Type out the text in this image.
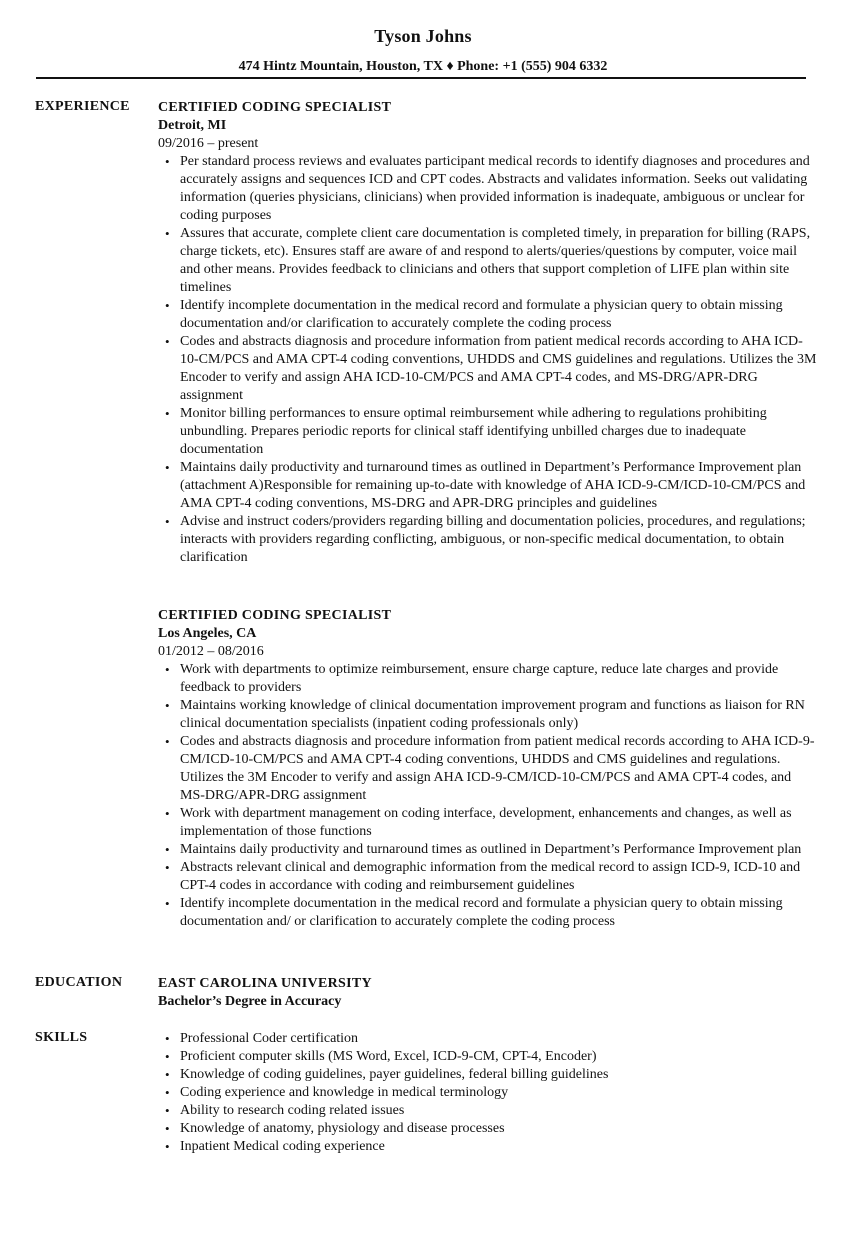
Tyson Johns
474 Hintz Mountain, Houston, TX ♦ Phone: +1 (555) 904 6332
EXPERIENCE CERTIFIED CODING SPECIALIST
Detroit, MI
09/2016 – present
• Per standard process reviews and evaluates participant medical records to identify diagnoses and procedures and accurately assigns and sequences ICD and CPT codes. Abstracts and validates information. Seeks out validating information (queries physicians, clinicians) when provided information is inadequate, ambiguous or unclear for coding purposes
• Assures that accurate, complete client care documentation is completed timely, in preparation for billing (RAPS, charge tickets, etc). Ensures staff are aware of and respond to alerts/queries/questions by computer, voice mail and other means. Provides feedback to clinicians and others that support completion of LIFE plan within site timelines
• Identify incomplete documentation in the medical record and formulate a physician query to obtain missing documentation and/or clarification to accurately complete the coding process
• Codes and abstracts diagnosis and procedure information from patient medical records according to AHA ICD-10-CM/PCS and AMA CPT-4 coding conventions, UHDDS and CMS guidelines and regulations. Utilizes the 3M Encoder to verify and assign AHA ICD-10-CM/PCS and AMA CPT-4 codes, and MS-DRG/APR-DRG assignment
• Monitor billing performances to ensure optimal reimbursement while adhering to regulations prohibiting unbundling. Prepares periodic reports for clinical staff identifying unbilled charges due to inadequate documentation
• Maintains daily productivity and turnaround times as outlined in Department’s Performance Improvement plan (attachment A)Responsible for remaining up-to-date with knowledge of AHA ICD-9-CM/ICD-10-CM/PCS and AMA CPT-4 coding conventions, MS-DRG and APR-DRG principles and guidelines
• Advise and instruct coders/providers regarding billing and documentation policies, procedures, and regulations; interacts with providers regarding conflicting, ambiguous, or non-specific medical documentation, to obtain clarification
CERTIFIED CODING SPECIALIST
Los Angeles, CA
01/2012 – 08/2016
• Work with departments to optimize reimbursement, ensure charge capture, reduce late charges and provide feedback to providers
• Maintains working knowledge of clinical documentation improvement program and functions as liaison for RN clinical documentation specialists (inpatient coding professionals only)
• Codes and abstracts diagnosis and procedure information from patient medical records according to AHA ICD-9-CM/ICD-10-CM/PCS and AMA CPT-4 coding conventions, UHDDS and CMS guidelines and regulations. Utilizes the 3M Encoder to verify and assign AHA ICD-9-CM/ICD-10-CM/PCS and AMA CPT-4 codes, and MS-DRG/APR-DRG assignment
• Work with department management on coding interface, development, enhancements and changes, as well as implementation of those functions
• Maintains daily productivity and turnaround times as outlined in Department’s Performance Improvement plan
• Abstracts relevant clinical and demographic information from the medical record to assign ICD-9, ICD-10 and CPT-4 codes in accordance with coding and reimbursement guidelines
• Identify incomplete documentation in the medical record and formulate a physician query to obtain missing documentation and/ or clarification to accurately complete the coding process
EDUCATION	EAST CAROLINA UNIVERSITY
Bachelor’s Degree in Accuracy
SKILLS	• Professional Coder certification
• Proficient computer skills (MS Word, Excel, ICD-9-CM, CPT-4, Encoder)
• Knowledge of coding guidelines, payer guidelines, federal billing guidelines
• Coding experience and knowledge in medical terminology
• Ability to research coding related issues
• Knowledge of anatomy, physiology and disease processes
• Inpatient Medical coding experience
